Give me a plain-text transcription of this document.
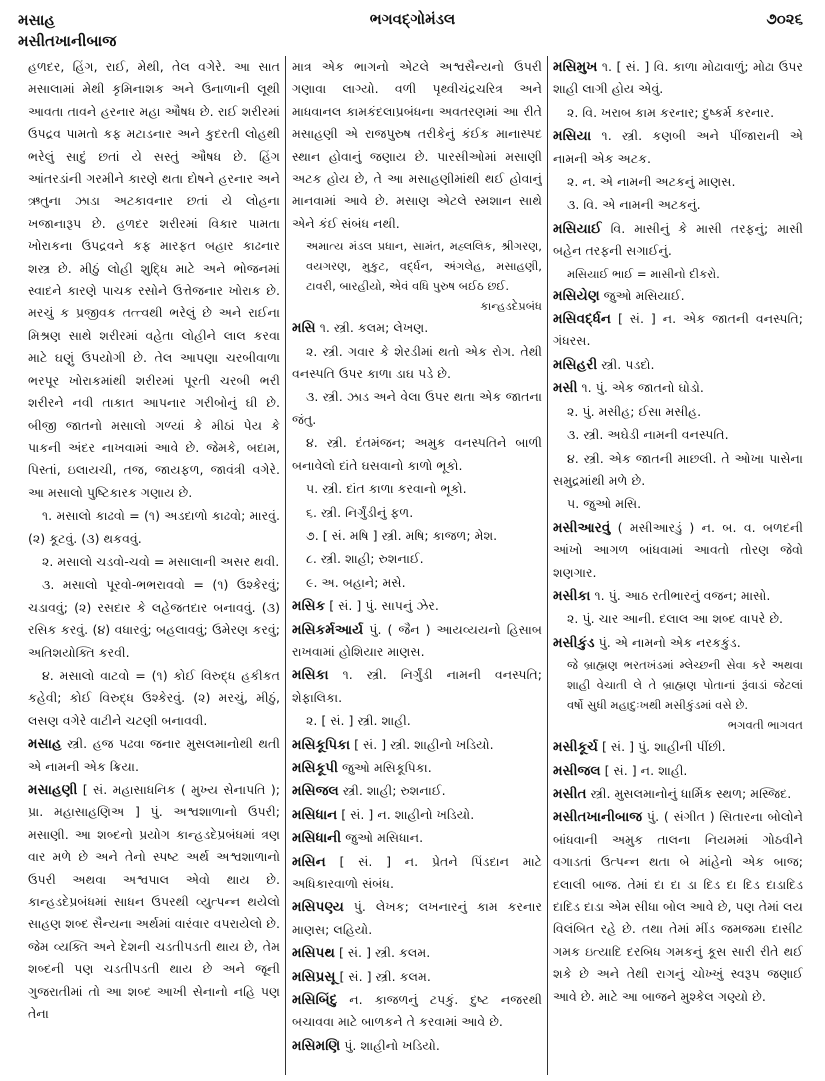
મસાહ
મસીતખાનીબાજ
ભગવદ્ગોમંડલ	૭૦૨૬

હળદર, હિંગ, રાઈ, મેથી, તેલ વગેરે. આ સાત મસાલામાં મેથી કૃમિનાશક અને ઉનાળાની લૂથી આવતા તાવને હરનાર મહા ઔષધ છે. રાઈ શરીરમાં ઉપદ્રવ પામતો કફ મટાડનાર અને કુદરતી લોહથી ભરેલું સાદું છતાં યે સસ્તું ઔષધ છે. હિંગ આંતરડાંની ગરમીને કારણે થતા દોષને હરનાર અને ઋતુના ઝાડા અટકાવનાર છતાં યે લોહના ખજાનારૂપ છે. હળદર શરીરમાં વિકાર પામતા ખોરાકના ઉપદ્રવને કફ મારફત બહાર કાઢનાર શસ્ત્ર છે. મીઠું લોહી શુદ્ધિ માટે અને ભોજનમાં સ્વાદને કારણે પાચક રસોને ઉત્તેજનાર ખોરાક છે. મરચું ક પ્રજીવક તત્ત્વથી ભરેલું છે અને રાઈના મિશ્રણ સાથે શરીરમાં વહેતા લોહીને લાલ કરવા માટે ઘણું ઉપયોગી છે. તેલ આપણા ચરબીવાળા ભરપૂર ખોરાકમાંથી શરીરમાં પૂરતી ચરબી ભરી શરીરને નવી તાકાત આપનાર ગરીબોનું ઘી છે. બીજી જાતનો મસાલો ગળ્યાં કે મીઠાં પેય કે પાકની અંદર નાખવામાં આવે છે. જેમકે, બદામ, પિસ્તાં, ઇલાયચી, તજ, જાયફળ, જાવંત્રી વગેરે. આ મસાલો પુષ્ટિકારક ગણાય છે.

૧. મસાલો કાઢવો = (૧) અડદાળો કાઢવો; મારવું. (૨) કૂટવું. (૩) થકવવું.

૨. મસાલો ચડવો-ચવો = મસાલાની અસર થવી.

૩. મસાલો પૂરવો-ભભરાવવો = (૧) ઉશ્કેરવું; ચડાવવું; (૨) રસદાર કે લહેજતદાર બનાવવું. (૩) રસિક કરવું. (૪) વધારવું; બહલાવવું; ઉમેરણ કરવું; અતિશયોક્તિ કરવી.

૪. મસાલો વાટવો = (૧) કોઈ વિરુદ્ધ હકીકત કહેવી; કોઈ વિરુદ્ધ ઉશ્કેરવું. (૨) મરચું, મીઠું, લસણ વગેરે વાટીને ચટણી બનાવવી.

મસાહ સ્ત્રી. હજ પઢવા જનાર મુસલમાનોથી થતી એ નામની એક ક્રિયા.

મસાહણી [ સં. મહાસાધનિક ( મુખ્ય સેનાપતિ ); પ્રા. મહાસાહણિઅ ] પું. અશ્વશાળાનો ઉપરી; મસાણી. આ શબ્દનો પ્રયોગ કાન્હડદેપ્રબંધમાં ત્રણ વાર મળે છે અને તેનો સ્પષ્ટ અર્થ અશ્વશાળાનો ઉપરી અથવા અશ્વપાલ એવો થાય છે. કાન્હડદેપ્રબંધમાં સાધન ઉપરથી વ્યુત્પન્ન થયેલો સાહણ શબ્દ સૈન્યના અર્થમાં વારંવાર વપરાયેલો છે. જેમ વ્યક્તિ અને દેશની ચડતીપડતી થાય છે, તેમ શબ્દની પણ ચડતીપડતી થાય છે અને જૂની ગુજરાતીમાં તો આ શબ્દ આખી સેનાનો નહિ પણ તેના

માત્ર એક ભાગનો એટલે અશ્વસૈન્યનો ઉપરી ગણાવા લાગ્યો. વળી પૃથ્વીચંદ્રચરિત્ર અને માધવાનલ કામકંદલાપ્રબંધના અવતરણમાં આ રીતે મસાહણી એ રાજપુરુષ તરીકેનું કંઈક માનાસ્પદ સ્થાન હોવાનું જણાય છે. પારસીઓમાં મસાણી અટક હોય છે, તે આ મસાહણીમાંથી થઈ હોવાનું માનવામાં આવે છે. મસાણ એટલે સ્મશાન સાથે એને કંઈ સંબંધ નથી.

અમાત્ય મંડલ પ્રધાન, સામંત, મહ્લલિક, શ્રીગરણ, વયગરણ, મુકુટ, વર્દ્ધન, અંગલેહ, મસાહણી, ટાવરી, બારહીયો, એવં વધિ પુરુષ બઈઠ છઈ.
કાન્હડદેપ્રબંધ

મસિ ૧. સ્ત્રી. કલમ; લેખણ.

૨. સ્ત્રી. ગવાર કે શેરડીમાં થતો એક રોગ. તેથી વનસ્પતિ ઉપર કાળા ડાઘ પડે છે.

૩. સ્ત્રી. ઝાડ અને વેલા ઉપર થતા એક જાતના જંતુ.

૪. સ્ત્રી. દંતમંજન; અમુક વનસ્પતિને બાળી બનાવેલો દાંતે ઘસવાનો કાળો ભૂકો.

૫. સ્ત્રી. દાંત કાળા કરવાનો ભૂકો.

૬. સ્ત્રી. નિર્ગુંડીનું ફળ.

૭. [ સં. મષિ ] સ્ત્રી. મષિ; કાજળ; મેશ.

૮. સ્ત્રી. શાહી; રુશનાઈ.

૯. અ. બહાને; મસે.

મસિક [ સં. ] પું. સાપનું ઝેર.

મસિકર્મઆર્ય પું. ( જૈન ) આયવ્યયનો હિસાબ રાખવામાં હોશિયાર માણસ.

મસિકા ૧. સ્ત્રી. નિર્ગુંડી નામની વનસ્પતિ; શેફાલિકા.

૨. [ સં. ] સ્ત્રી. શાહી.

મસિકૂપિકા [ સં. ] સ્ત્રી. શાહીનો ખડિયો.

મસિકૂપી જુઓ મસિકૂપિકા.

મસિજલ સ્ત્રી. શાહી; રુશનાઈ.

મસિધાન [ સં. ] ન. શાહીનો ખડિયો.

મસિધાની જુઓ મસિધાન.

મસિન [ સં. ] ન. પ્રેતને પિંડદાન માટે અધિકારવાળો સંબંધ.

મસિપણ્ય પું. લેખક; લખનારનું કામ કરનાર માણસ; લહિયો.

મસિપથ [ સં. ] સ્ત્રી. કલમ.

મસિપ્રસૂ [ સં. ] સ્ત્રી. કલમ.

મસિબિંદુ ન. કાજળનું ટપકું. દુષ્ટ નજરથી બચાવવા માટે બાળકને તે કરવામાં આવે છે.

મસિમણિ પું. શાહીનો ખડિયો.

મસિમુખ ૧. [ સં. ] વિ. કાળા મોઢાવાળું; મોઢા ઉપર શાહી લાગી હોય એવું.

૨. વિ. ખરાબ કામ કરનાર; દુષ્કર્મ કરનાર.

મસિયા ૧. સ્ત્રી. કણબી અને પીંજારાની એ નામની એક અટક.

૨. ન. એ નામની અટકનું માણસ.

૩. વિ. એ નામની અટકનું.

મસિયાઈ વિ. માસીનું કે માસી તરફનું; માસી બહેન તરફની સગાઈનું.

મસિયાઈ ભાઈ = માસીનો દીકરો.

મસિયેણ જુઓ મસિયાઈ.

મસિવર્દ્ધન [ સં. ] ન. એક જાતની વનસ્પતિ; ગંધરસ.

મસિહરી સ્ત્રી. પડદો.

મસી ૧. પું. એક જાતનો ઘોડો.

૨. પું. મસીહ; ઈસા મસીહ.

૩. સ્ત્રી. અઘેડી નામની વનસ્પતિ.

૪. સ્ત્રી. એક જાતની માછલી. તે ઓખા પાસેના સમુદ્રમાંથી મળે છે.

૫. જુઓ મસિ.

મસીઆરવું ( મસીઆરડું ) ન. બ. વ. બળદની આંખો આગળ બાંધવામાં આવતો તોરણ જેવો શણગાર.

મસીકા ૧. પું. આઠ રતીભારનું વજન; માસો.

૨. પું. ચાર આની. દલાલ આ શબ્દ વાપરે છે.

મસીકુંડ પું. એ નામનો એક નરકકુંડ.

જે બ્રાહ્મણ ભરતખંડમાં મ્લેચ્છની સેવા કરે અથવા શાહી વેચાતી લે તે બ્રાહ્મણ પોતાનાં રૂંવાડાં જેટલાં વર્ષો સુધી મહાદુઃખથી મસીકુંડમાં વસે છે.
ભગવતી ભાગવત

મસીકૂર્ચ [ સં. ] પું. શાહીની પીંછી.

મસીજલ [ સં. ] ન. શાહી.

મસીત સ્ત્રી. મુસલમાનોનું ધાર્મિક સ્થળ; મસ્જિદ.

મસીતખાનીબાજ પું. ( સંગીત ) સિતારના બોલોને બાંધવાની અમુક તાલના નિયમમાં ગોઠવીને વગાડતાં ઉત્પન્ન થતા બે માંહેનો એક બાજ; દલાલી બાજ. તેમાં દા દા ડા દિડ દા દિડ દાડાદિડ દાદિડ દાડા એમ સીધા બોલ આવે છે, પણ તેમાં લય વિલંબિત રહે છે. તથા તેમાં મીંડ જમજમા દાસીટ ગમક ઇત્યાદિ દરબિધ ગમકનું કૂસ સારી રીતે થઈ શકે છે અને તેથી રાગનું ચોખ્ખું સ્વરૂપ જણાઈ આવે છે. માટે આ બાજને મુશ્કેલ ગણ્યો છે.
